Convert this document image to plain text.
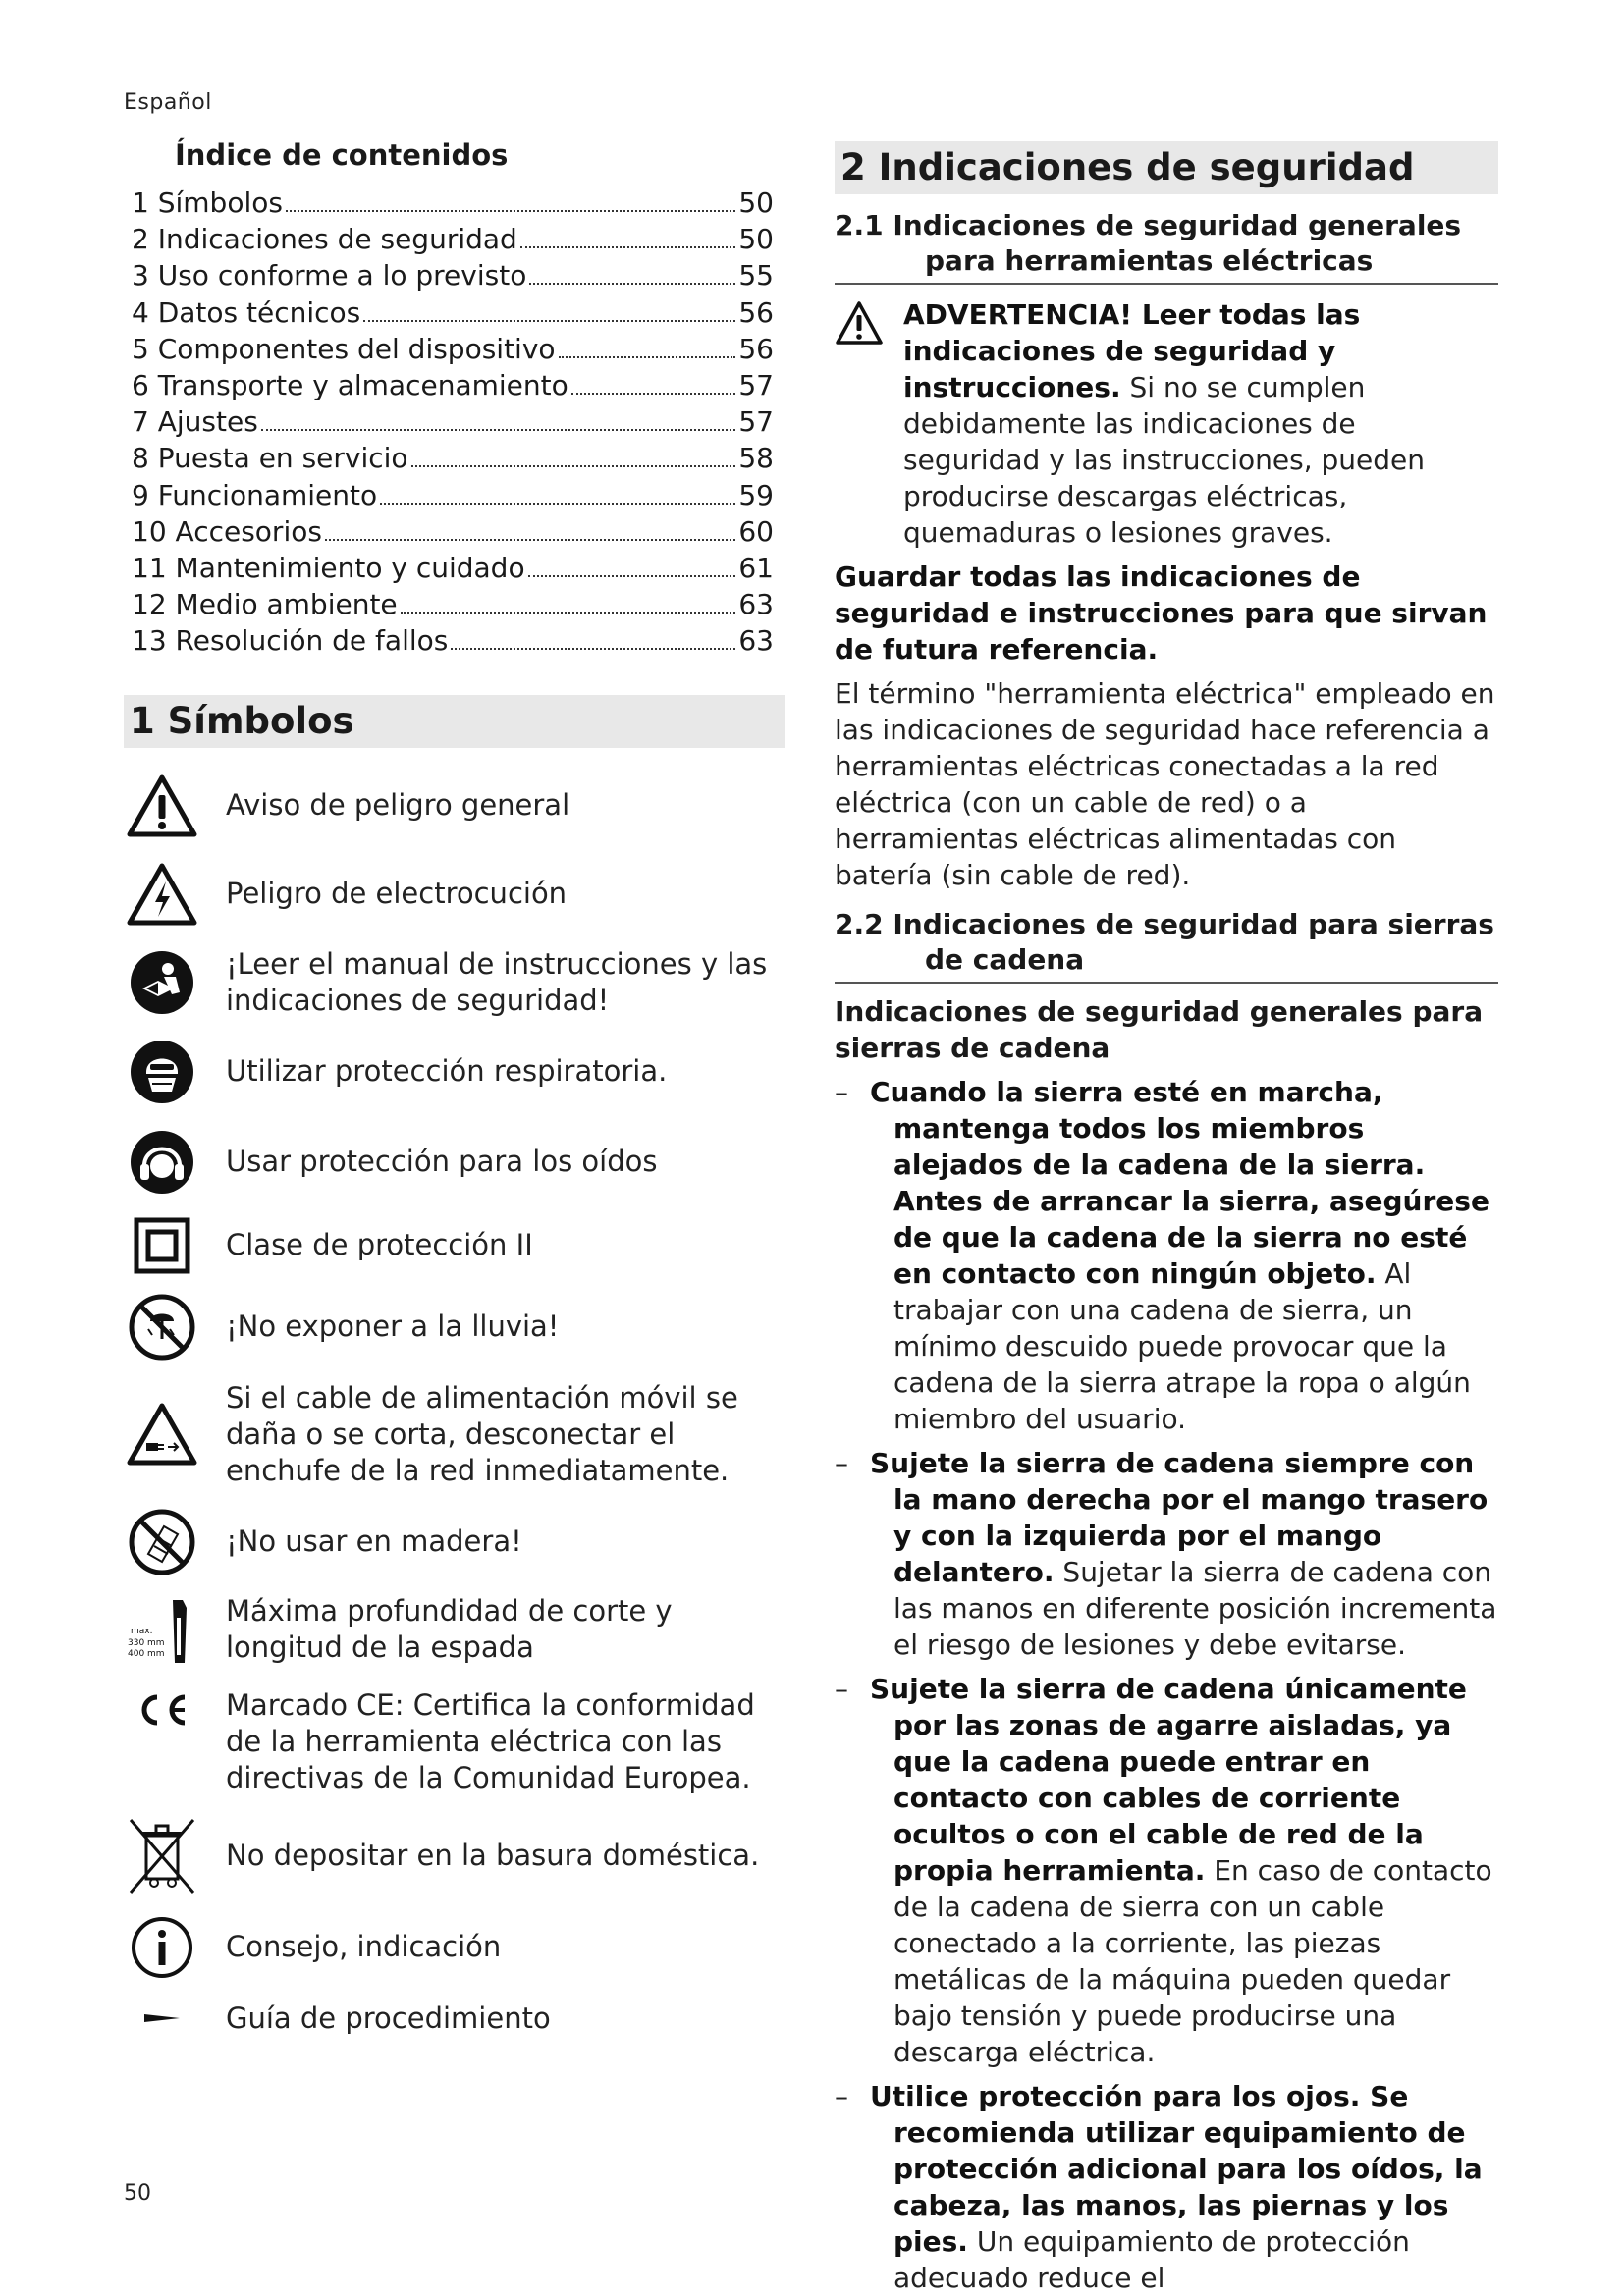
Español
Índice de contenidos
1 Símbolos	50
2 Indicaciones de seguridad	50
3 Uso conforme a lo previsto	55
4 Datos técnicos	56
5 Componentes del dispositivo	56
6 Transporte y almacenamiento	57
7 Ajustes	57
8 Puesta en servicio	58
9 Funcionamiento	59
10 Accesorios	60
11 Mantenimiento y cuidado	61
12 Medio ambiente	63
13 Resolución de fallos	63
1 Símbolos
Aviso de peligro general
Peligro de electrocución
¡Leer el manual de instrucciones y las indicaciones de seguridad!
Utilizar protección respiratoria.
Usar protección para los oídos
Clase de protección II
¡No exponer a la lluvia!
Si el cable de alimentación móvil se daña o se corta, desconectar el enchufe de la red inmediatamente.
¡No usar en madera!
max.
330 mm
400 mm
Máxima profundidad de corte y longitud de la espada
Marcado CE: Certifica la conformidad de la herramienta eléctrica con las directivas de la Comunidad Europea.
No depositar en la basura doméstica.
Consejo, indicación
Guía de procedimiento
2 Indicaciones de seguridad
2.1 Indicaciones de seguridad generales
para herramientas eléctricas
ADVERTENCIA! Leer todas las indicaciones de seguridad y instrucciones. Si no se cumplen debidamente las indicaciones de seguridad y las instrucciones, pueden producirse descargas eléctricas, quemaduras o lesiones graves.
Guardar todas las indicaciones de seguridad e instrucciones para que sirvan de futura referencia.
El término "herramienta eléctrica" empleado en las indicaciones de seguridad hace referencia a herramientas eléctricas conectadas a la red eléctrica (con un cable de red) o a herramientas eléctricas alimentadas con batería (sin cable de red).
2.2 Indicaciones de seguridad para sierras
de cadena
Indicaciones de seguridad generales para sierras de cadena
– Cuando la sierra esté en marcha, mantenga todos los miembros alejados de la cadena de la sierra. Antes de arrancar la sierra, asegúrese de que la cadena de la sierra no esté en contacto con ningún objeto. Al trabajar con una cadena de sierra, un mínimo descuido puede provocar que la cadena de la sierra atrape la ropa o algún miembro del usuario.
– Sujete la sierra de cadena siempre con la mano derecha por el mango trasero y con la izquierda por el mango delantero. Sujetar la sierra de cadena con las manos en diferente posición incrementa el riesgo de lesiones y debe evitarse.
– Sujete la sierra de cadena únicamente por las zonas de agarre aisladas, ya que la cadena puede entrar en contacto con cables de corriente ocultos o con el cable de red de la propia herramienta. En caso de contacto de la cadena de sierra con un cable conectado a la corriente, las piezas metálicas de la máquina pueden quedar bajo tensión y puede producirse una descarga eléctrica.
– Utilice protección para los ojos. Se recomienda utilizar equipamiento de protección adicional para los oídos, la cabeza, las manos, las piernas y los pies. Un equipamiento de protección adecuado reduce el
50
